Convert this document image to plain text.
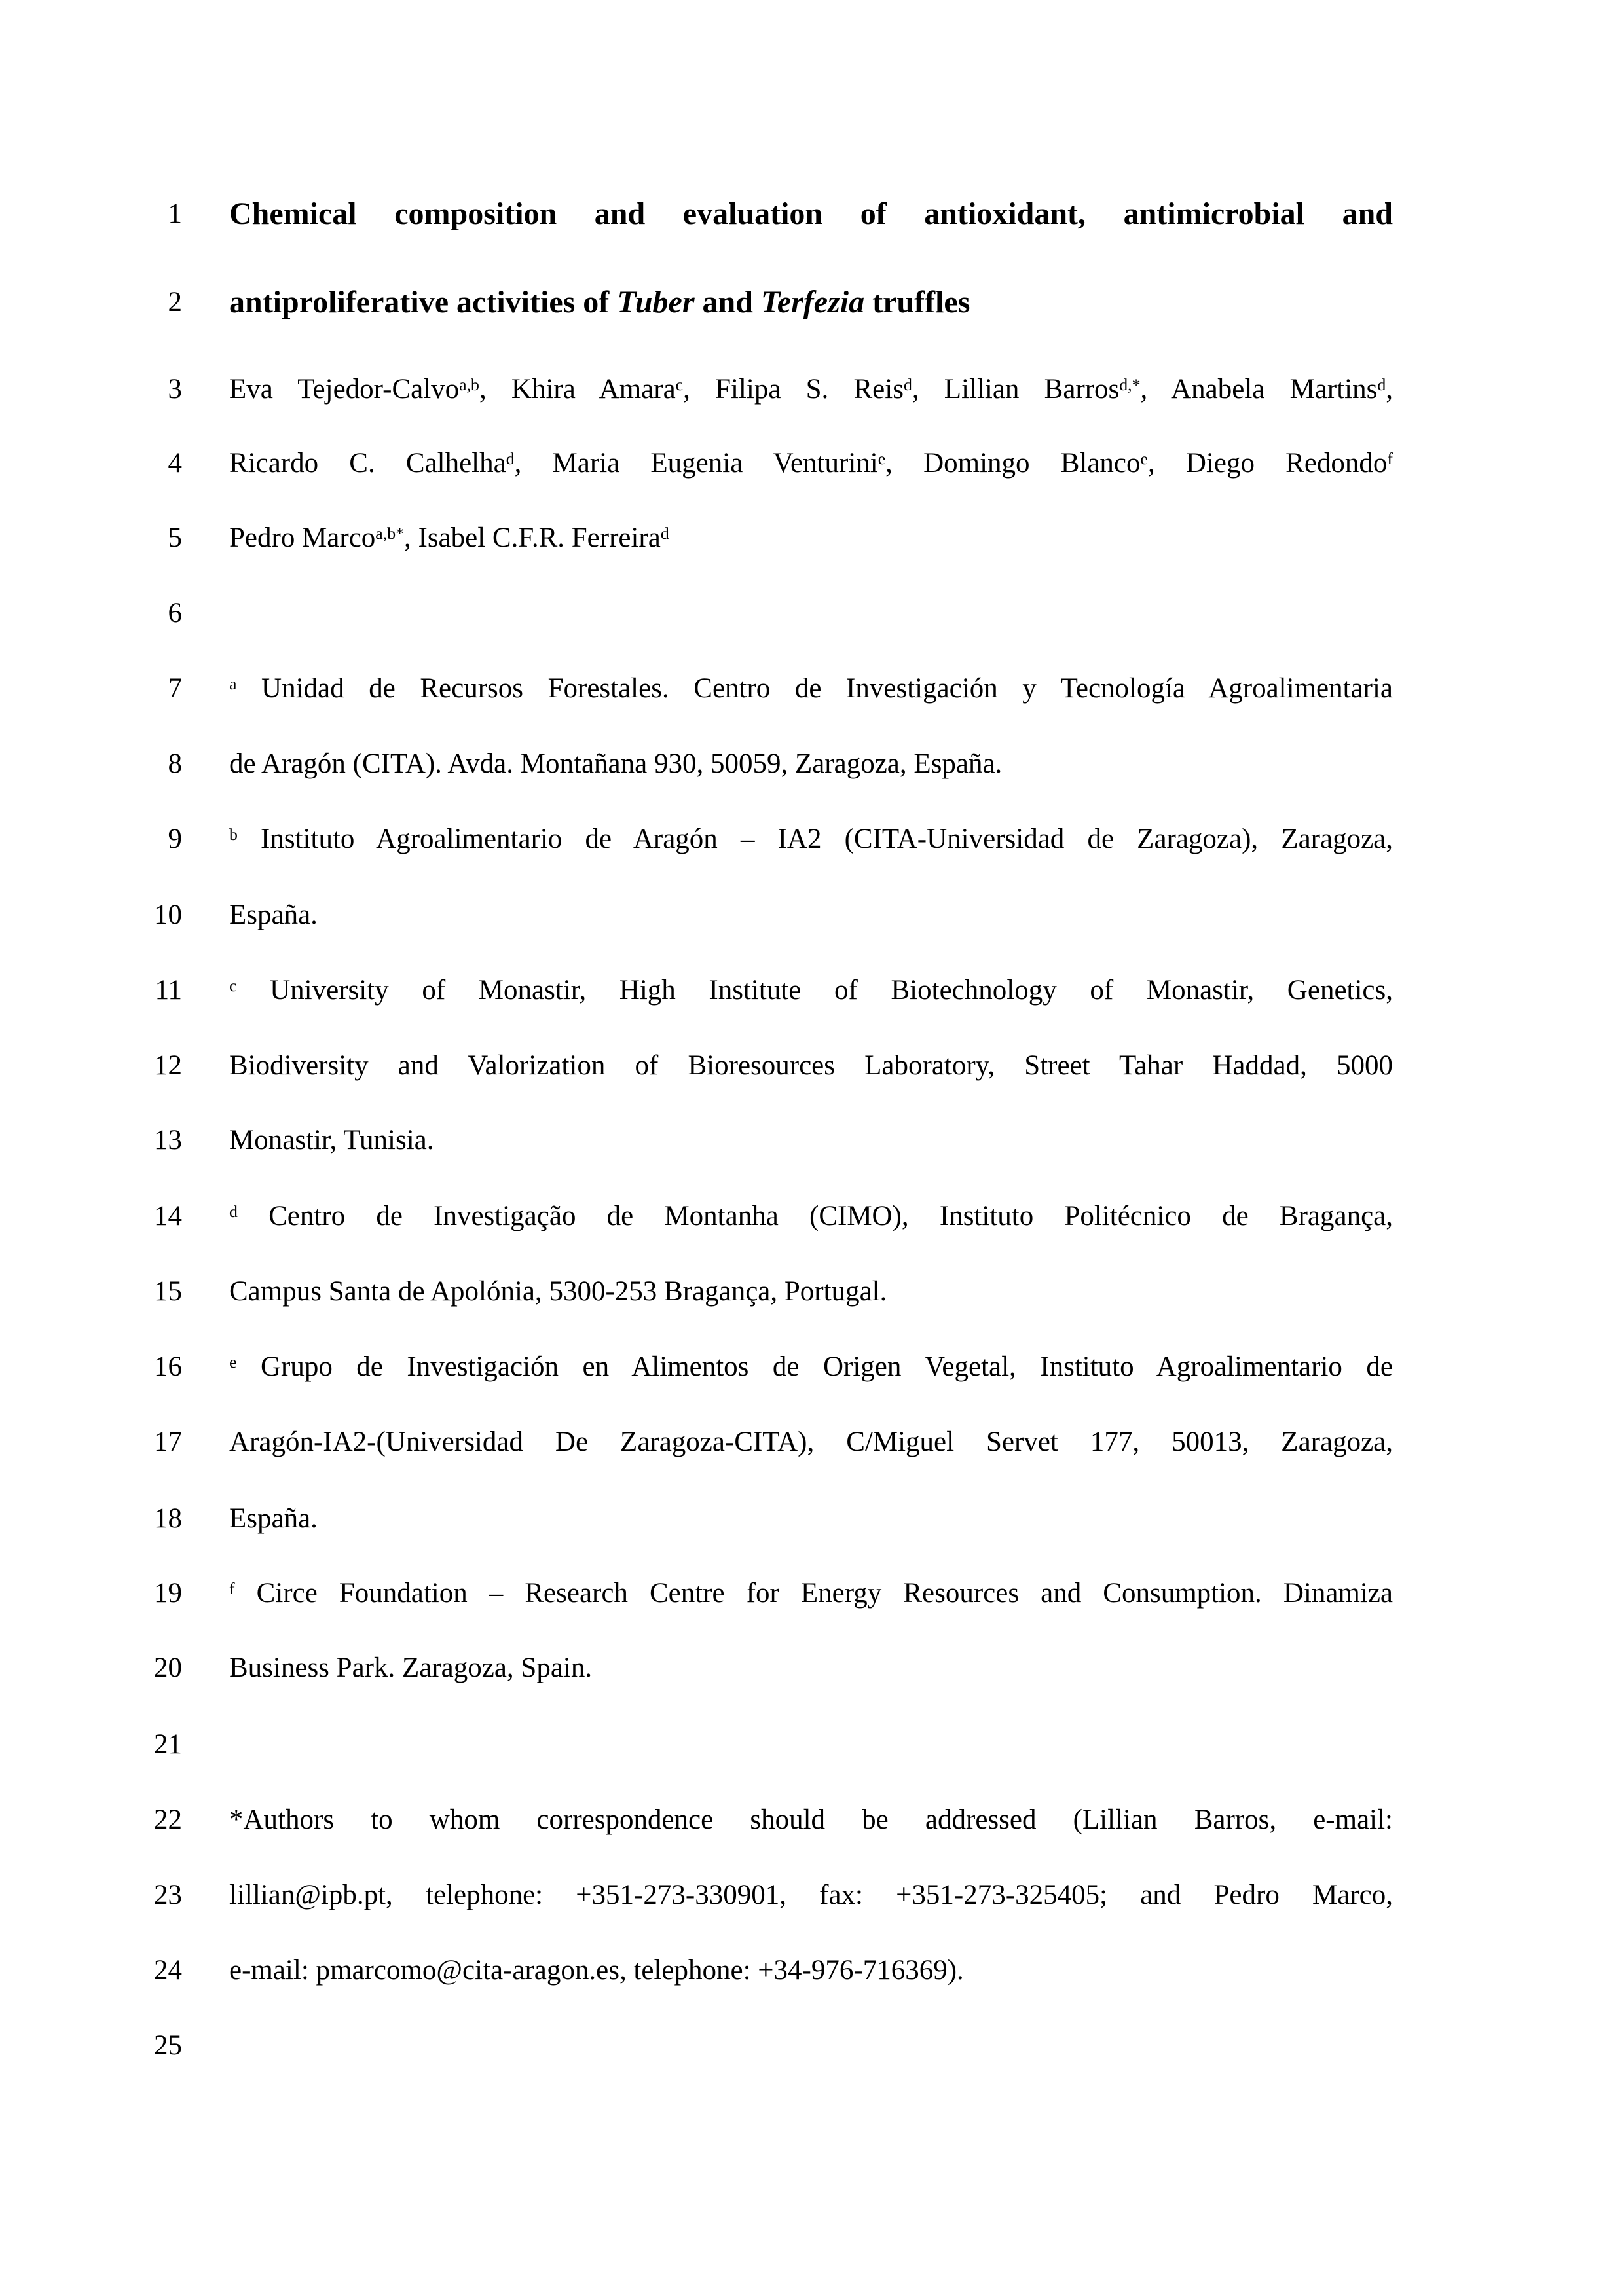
1 Chemical composition and evaluation of antioxidant, antimicrobial and
2 antiproliferative activities of Tuber and Terfezia truffles
3 Eva Tejedor-Calvo$^{a,b}$, Khira Amara$^c$, Filipa S. Reis$^d$, Lillian Barros$^{d,*}$, Anabela Martins$^d$,
4 Ricardo C. Calhelha$^d$, Maria Eugenia Venturini$^e$, Domingo Blanco$^e$, Diego Redondo$^f$
5 Pedro Marco$^{a,b*}$, Isabel C.F.R. Ferreira$^d$
6
7	$^a$ Unidad de Recursos Forestales. Centro de Investigación y Tecnología Agroalimentaria
8 de Aragón (CITA). Avda. Montañana 930, 50059, Zaragoza, España.
9	$^b$ Instituto Agroalimentario de Aragón – IA2 (CITA-Universidad de Zaragoza), Zaragoza,
10 España.
11	$^c$ University of Monastir, High Institute of Biotechnology of Monastir, Genetics,
12 Biodiversity and Valorization of Bioresources Laboratory, Street Tahar Haddad, 5000
13 Monastir, Tunisia.
14	$^d$ Centro de Investigação de Montanha (CIMO), Instituto Politécnico de Bragança,
15 Campus Santa de Apolónia, 5300-253 Bragança, Portugal.
16	$^e$ Grupo de Investigación en Alimentos de Origen Vegetal, Instituto Agroalimentario de
17 Aragón-IA2-(Universidad De Zaragoza-CITA), C/Miguel Servet 177, 50013, Zaragoza,
18 España.
19	$^f$ Circe Foundation – Research Centre for Energy Resources and Consumption. Dinamiza
20 Business Park. Zaragoza, Spain.
21
22 *Authors to whom correspondence should be addressed (Lillian Barros, e-mail:
23 lillian@ipb.pt, telephone: +351-273-330901, fax: +351-273-325405; and Pedro Marco,
24 e-mail: pmarcomo@cita-aragon.es, telephone: +34-976-716369).
25
